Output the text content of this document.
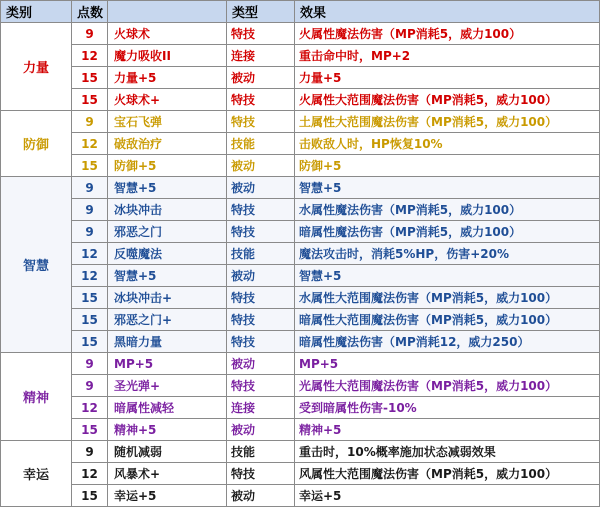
类别	点数		类型	效果
力量	9	火球术	特技	火属性魔法伤害（MP消耗5，威力100）
	12	魔力吸收II	连接	重击命中时，MP+2
	15	力量+5	被动	力量+5
	15	火球术+	特技	火属性大范围魔法伤害（MP消耗5，威力100）
防御	9	宝石飞弹	特技	土属性大范围魔法伤害（MP消耗5，威力100）
	12	破敌治疗	技能	击败敌人时，HP恢复10%
	15	防御+5	被动	防御+5
智慧	9	智慧+5	被动	智慧+5
	9	冰块冲击	特技	水属性魔法伤害（MP消耗5，威力100）
	9	邪恶之门	特技	暗属性魔法伤害（MP消耗5，威力100）
	12	反噬魔法	技能	魔法攻击时，消耗5%HP，伤害+20%
	12	智慧+5	被动	智慧+5
	15	冰块冲击+	特技	水属性大范围魔法伤害（MP消耗5，威力100）
	15	邪恶之门+	特技	暗属性大范围魔法伤害（MP消耗5，威力100）
	15	黑暗力量	特技	暗属性魔法伤害（MP消耗12，威力250）
精神	9	MP+5	被动	MP+5
	9	圣光弹+	特技	光属性大范围魔法伤害（MP消耗5，威力100）
	12	暗属性减轻	连接	受到暗属性伤害-10%
	15	精神+5	被动	精神+5
幸运	9	随机减弱	技能	重击时，10%概率施加状态减弱效果
	12	风暴术+	特技	风属性大范围魔法伤害（MP消耗5，威力100）
	15	幸运+5	被动	幸运+5
